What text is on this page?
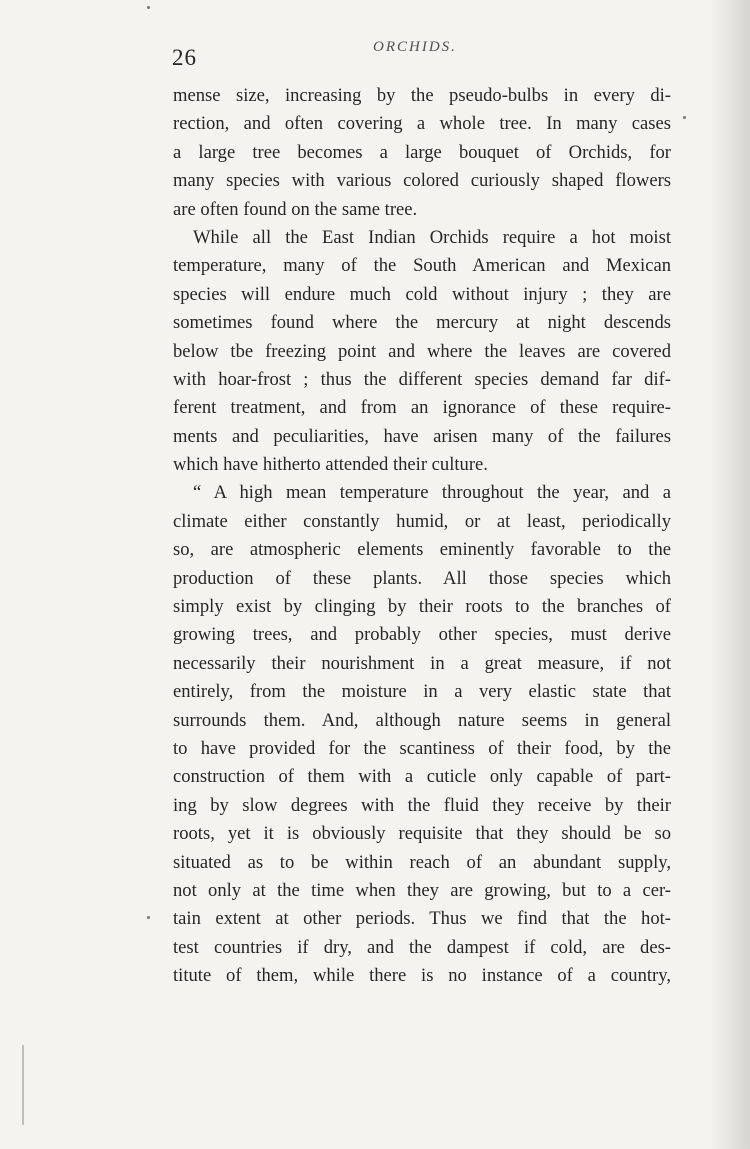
26	ORCHIDS.
mense size, increasing by the pseudo-bulbs in every di-
rection, and often covering a whole tree. In many cases
a large tree becomes a large bouquet of Orchids, for
many species with various colored curiously shaped flowers
are often found on the same tree.
While all the East Indian Orchids require a hot moist
temperature, many of the South American and Mexican
species will endure much cold without injury ; they are
sometimes found where the mercury at night descends
below tbe freezing point and where the leaves are covered
with hoar-frost ; thus the different species demand far dif-
ferent treatment, and from an ignorance of these require-
ments and peculiarities, have arisen many of the failures
which have hitherto attended their culture.
“ A high mean temperature throughout the year, and a
climate either constantly humid, or at least, periodically
so, are atmospheric elements eminently favorable to the
production of these plants. All those species which
simply exist by clinging by their roots to the branches of
growing trees, and probably other species, must derive
necessarily their nourishment in a great measure, if not
entirely, from the moisture in a very elastic state that
surrounds them. And, although nature seems in general
to have provided for the scantiness of their food, by the
construction of them with a cuticle only capable of part-
ing by slow degrees with the fluid they receive by their
roots, yet it is obviously requisite that they should be so
situated as to be within reach of an abundant supply,
not only at the time when they are growing, but to a cer-
tain extent at other periods. Thus we find that the hot-
test countries if dry, and the dampest if cold, are des-
titute of them, while there is no instance of a country,
